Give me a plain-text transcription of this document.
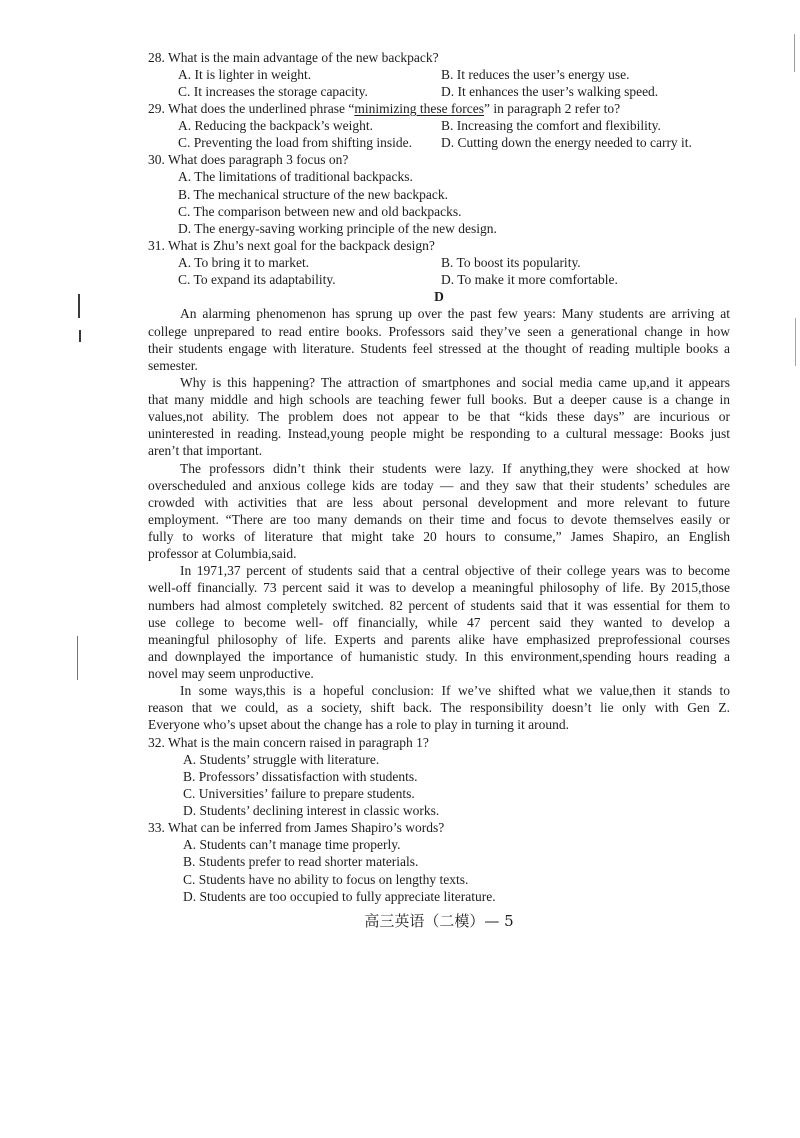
28. What is the main advantage of the new backpack?
A. It is lighter in weight.	B. It reduces the user’s energy use.
C. It increases the storage capacity.	D. It enhances the user’s walking speed.
29. What does the underlined phrase “minimizing these forces” in paragraph 2 refer to?
A. Reducing the backpack’s weight.	B. Increasing the comfort and flexibility.
C. Preventing the load from shifting inside.	D. Cutting down the energy needed to carry it.
30. What does paragraph 3 focus on?
A. The limitations of traditional backpacks.
B. The mechanical structure of the new backpack.
C. The comparison between new and old backpacks.
D. The energy-saving working principle of the new design.
31. What is Zhu’s next goal for the backpack design?
A. To bring it to market.	B. To boost its popularity.
C. To expand its adaptability.	D. To make it more comfortable.
D
An alarming phenomenon has sprung up over the past few years: Many students are arriving at
college unprepared to read entire books. Professors said they’ve seen a generational change in how
their students engage with literature. Students feel stressed at the thought of reading multiple books a
semester.
Why is this happening? The attraction of smartphones and social media came up,and it appears
that many middle and high schools are teaching fewer full books. But a deeper cause is a change in
values,not ability. The problem does not appear to be that “kids these days” are incurious or
uninterested in reading. Instead,young people might be responding to a cultural message: Books just
aren’t that important.
The professors didn’t think their students were lazy. If anything,they were shocked at how
overscheduled and anxious college kids are today — and they saw that their students’ schedules are
crowded with activities that are less about personal development and more relevant to future
employment. “There are too many demands on their time and focus to devote themselves easily or
fully to works of literature that might take 20 hours to consume,” James Shapiro, an English
professor at Columbia,said.
In 1971,37 percent of students said that a central objective of their college years was to become
well-off financially. 73 percent said it was to develop a meaningful philosophy of life. By 2015,those
numbers had almost completely switched. 82 percent of students said that it was essential for them to
use college to become well- off financially, while 47 percent said they wanted to develop a
meaningful philosophy of life. Experts and parents alike have emphasized preprofessional courses
and downplayed the importance of humanistic study. In this environment,spending hours reading a
novel may seem unproductive.
In some ways,this is a hopeful conclusion: If we’ve shifted what we value,then it stands to
reason that we could, as a society, shift back. The responsibility doesn’t lie only with Gen Z.
Everyone who’s upset about the change has a role to play in turning it around.
32. What is the main concern raised in paragraph 1?
A. Students’ struggle with literature.
B. Professors’ dissatisfaction with students.
C. Universities’ failure to prepare students.
D. Students’ declining interest in classic works.
33. What can be inferred from James Shapiro’s words?
A. Students can’t manage time properly.
B. Students prefer to read shorter materials.
C. Students have no ability to focus on lengthy texts.
D. Students are too occupied to fully appreciate literature.
高三英语（二模）— 5
